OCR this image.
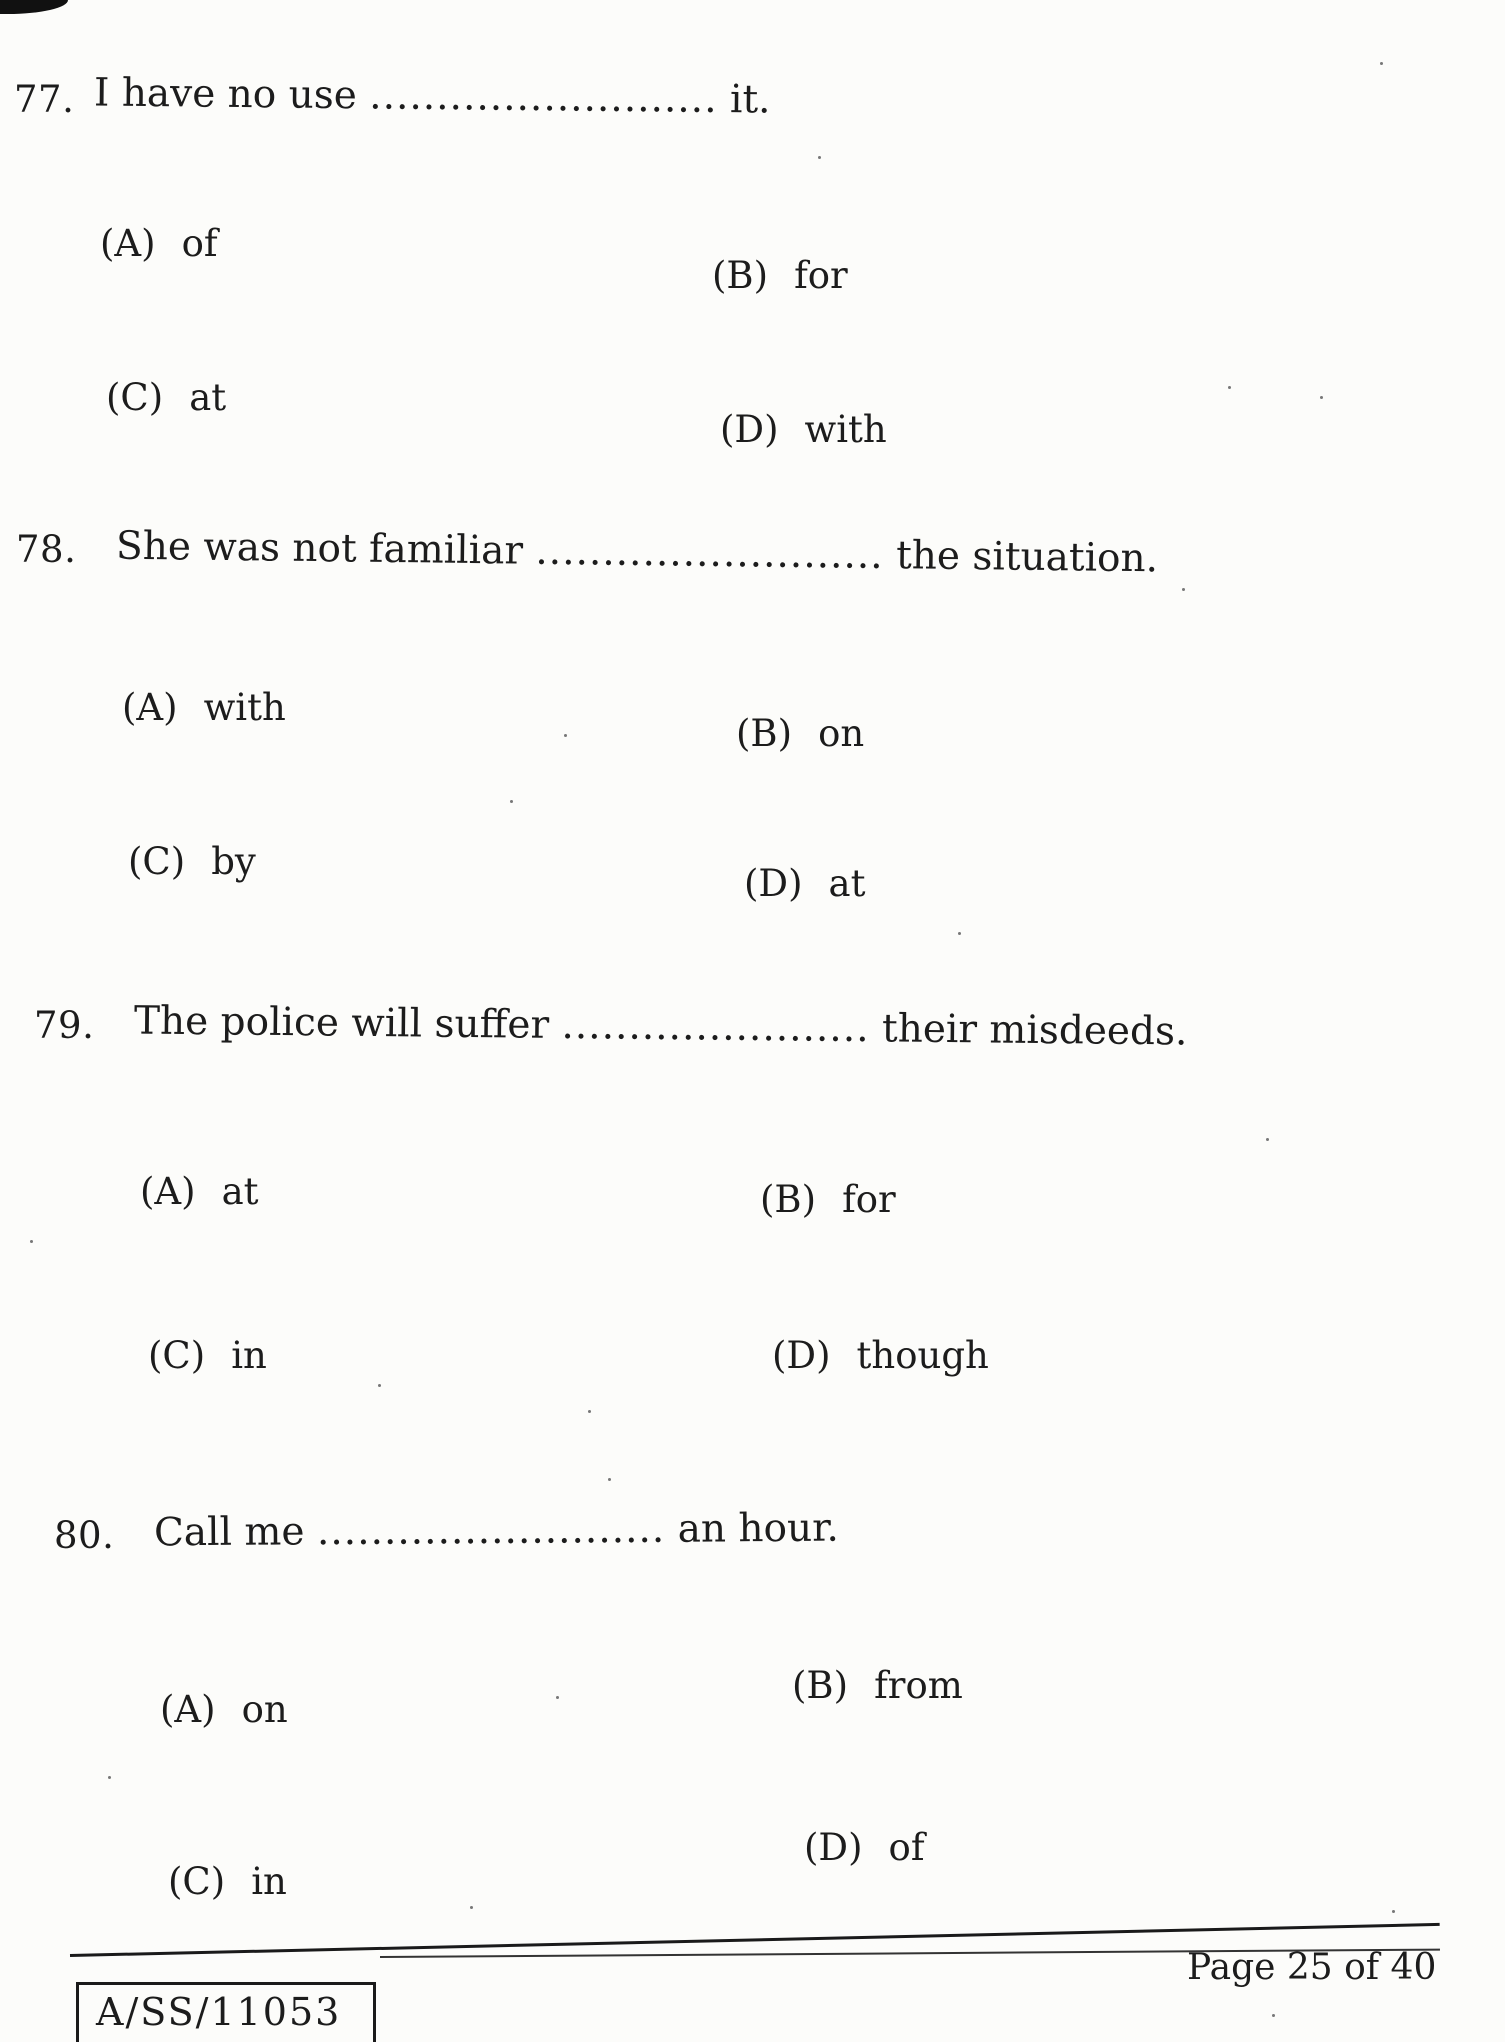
77. I have no use .......................... it.
(A) of
(B) for
(C) at
(D) with
78. She was not familiar .......................... the situation.
(A) with
(B) on
(C) by
(D) at
79. The police will suffer ....................... their misdeeds.
(A) at	(B) for
(C) in	(D) though
80. Call me .......................... an hour.
(A) on
(B) from
(C) in
(D) of
Page 25 of 40
A/SS/11053
